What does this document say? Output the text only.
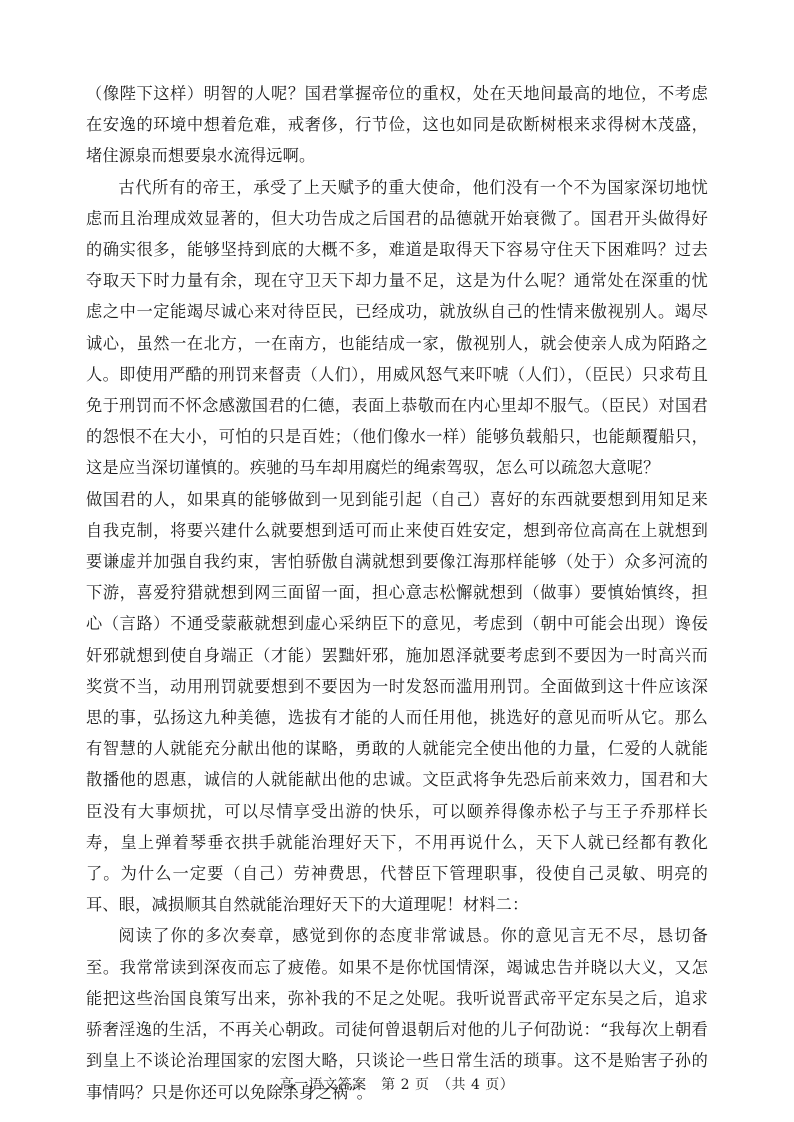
（像陛下这样）明智的人呢？国君掌握帝位的重权，处在天地间最高的地位，不考虑在安逸的环境中想着危难，戒奢侈，行节俭，这也如同是砍断树根来求得树木茂盛，堵住源泉而想要泉水流得远啊。

古代所有的帝王，承受了上天赋予的重大使命，他们没有一个不为国家深切地忧虑而且治理成效显著的，但大功告成之后国君的品德就开始衰微了。国君开头做得好的确实很多，能够坚持到底的大概不多，难道是取得天下容易守住天下困难吗？过去夺取天下时力量有余，现在守卫天下却力量不足，这是为什么呢？通常处在深重的忧虑之中一定能竭尽诚心来对待臣民，已经成功，就放纵自己的性情来傲视别人。竭尽诚心，虽然一在北方，一在南方，也能结成一家，傲视别人，就会使亲人成为陌路之人。即使用严酷的刑罚来督责（人们），用威风怒气来吓唬（人们），（臣民）只求苟且免于刑罚而不怀念感激国君的仁德，表面上恭敬而在内心里却不服气。（臣民）对国君的怨恨不在大小，可怕的只是百姓；（他们像水一样）能够负载船只，也能颠覆船只，这是应当深切谨慎的。疾驰的马车却用腐烂的绳索驾驭，怎么可以疏忽大意呢？

做国君的人，如果真的能够做到一见到能引起（自己）喜好的东西就要想到用知足来自我克制，将要兴建什么就要想到适可而止来使百姓安定，想到帝位高高在上就想到要谦虚并加强自我约束，害怕骄傲自满就想到要像江海那样能够（处于）众多河流的下游，喜爱狩猎就想到网三面留一面，担心意志松懈就想到（做事）要慎始慎终，担心（言路）不通受蒙蔽就想到虚心采纳臣下的意见，考虑到（朝中可能会出现）谗佞奸邪就想到使自身端正（才能）罢黜奸邪，施加恩泽就要考虑到不要因为一时高兴而奖赏不当，动用刑罚就要想到不要因为一时发怒而滥用刑罚。全面做到这十件应该深思的事，弘扬这九种美德，选拔有才能的人而任用他，挑选好的意见而听从它。那么有智慧的人就能充分献出他的谋略，勇敢的人就能完全使出他的力量，仁爱的人就能散播他的恩惠，诚信的人就能献出他的忠诚。文臣武将争先恐后前来效力，国君和大臣没有大事烦扰，可以尽情享受出游的快乐，可以颐养得像赤松子与王子乔那样长寿，皇上弹着琴垂衣拱手就能治理好天下，不用再说什么，天下人就已经都有教化了。为什么一定要（自己）劳神费思，代替臣下管理职事，役使自己灵敏、明亮的耳、眼，减损顺其自然就能治理好天下的大道理呢！材料二：

阅读了你的多次奏章，感觉到你的态度非常诚恳。你的意见言无不尽，恳切备至。我常常读到深夜而忘了疲倦。如果不是你忧国情深，竭诚忠告并晓以大义，又怎能把这些治国良策写出来，弥补我的不足之处呢。我听说晋武帝平定东吴之后，追求骄奢淫逸的生活，不再关心朝政。司徒何曾退朝后对他的儿子何劭说：“我每次上朝看到皇上不谈论治理国家的宏图大略，只谈论一些日常生活的琐事。这不是贻害子孙的事情吗？只是你还可以免除杀身之祸”。

高一语文答案　第 2 页　（共 4 页）
